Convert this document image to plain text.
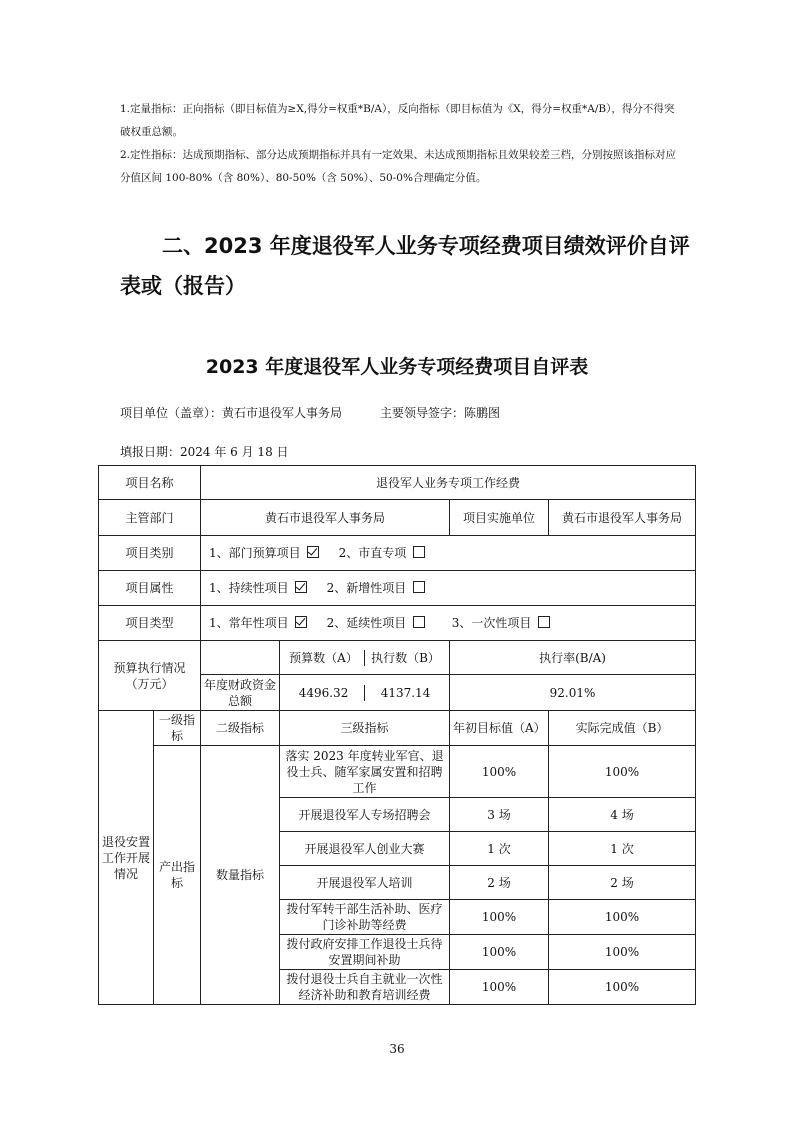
1.定量指标：正向指标（即目标值为≥X,得分=权重*B/A），反向指标（即目标值为《X，得分=权重*A/B），得分不得突破权重总额。

2.定性指标：达成预期指标、部分达成预期指标并具有一定效果、未达成预期指标且效果较差三档，分别按照该指标对应分值区间 100-80%（含 80%）、80-50%（含 50%）、50-0%合理确定分值。

二、2023 年度退役军人业务专项经费项目绩效评价自评表或（报告）
2023 年度退役军人业务专项经费项目自评表
项目单位（盖章）：黄石市退役军人事务局	主要领导签字：陈鹏图
填报日期：2024 年 6 月 18 日
项目名称		退役军人业务专项工作经费			
主管部门		黄石市退役军人事务局		项目实施单位	黄石市退役军人事务局
项目类别		1、部门预算项目 2、市直专项			
项目属性		1、持续性项目 2、新增性项目			
项目类型		1、常年性项目 2、延续性项目 3、一次性项目			
预算执行情况（万元）			预算数（A） 执行数（B）	执行率(B/A)	
		年度财政资金总额	4496.32 4137.14	92.01%	
退役安置工作开展情况	一级指标	二级指标	三级指标	年初目标值（A）	实际完成值（B）
	产出指标	数量指标	落实 2023 年度转业军官、退役士兵、随军家属安置和招聘工作	100%	100%
			开展退役军人专场招聘会	3 场	4 场
			开展退役军人创业大赛	1 次	1 次
			开展退役军人培训	2 场	2 场
			拨付军转干部生活补助、医疗门诊补助等经费	100%	100%
			拨付政府安排工作退役士兵待安置期间补助	100%	100%
			拨付退役士兵自主就业一次性经济补助和教育培训经费	100%	100%
36
